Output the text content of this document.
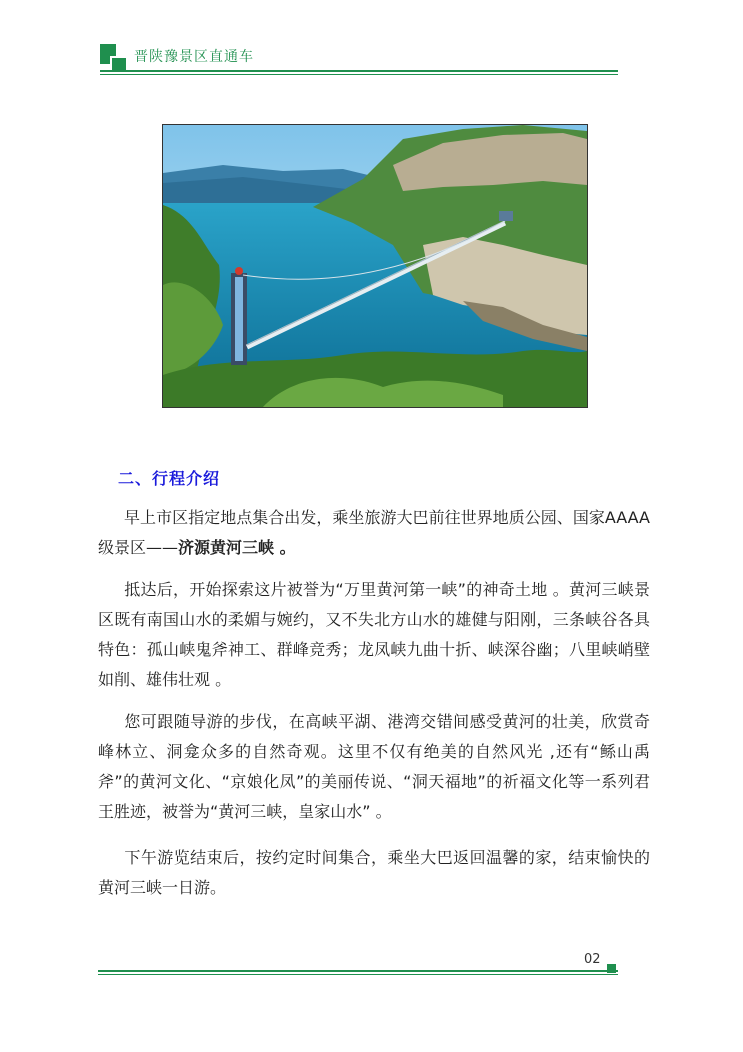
晋陕豫景区直通车
二、行程介绍
早上市区指定地点集合出发，乘坐旅游大巴前往世界地质公园、国家AAAA 级景区——济源黄河三峡 。
抵达后，开始探索这片被誉为“万里黄河第一峡”的神奇土地 。黄河三峡景区既有南国山水的柔媚与婉约，又不失北方山水的雄健与阳刚，三条峡谷各具特色：孤山峡鬼斧神工、群峰竞秀；龙凤峡九曲十折、峡深谷幽；八里峡峭壁如削、雄伟壮观 。
您可跟随导游的步伐，在高峡平湖、港湾交错间感受黄河的壮美，欣赏奇峰林立、洞龛众多的自然奇观。这里不仅有绝美的自然风光 ,还有“鲧山禹斧”的黄河文化、“京娘化凤”的美丽传说、“洞天福地”的祈福文化等一系列君王胜迹，被誉为“黄河三峡，皇家山水” 。
下午游览结束后，按约定时间集合，乘坐大巴返回温馨的家，结束愉快的黄河三峡一日游。
02
